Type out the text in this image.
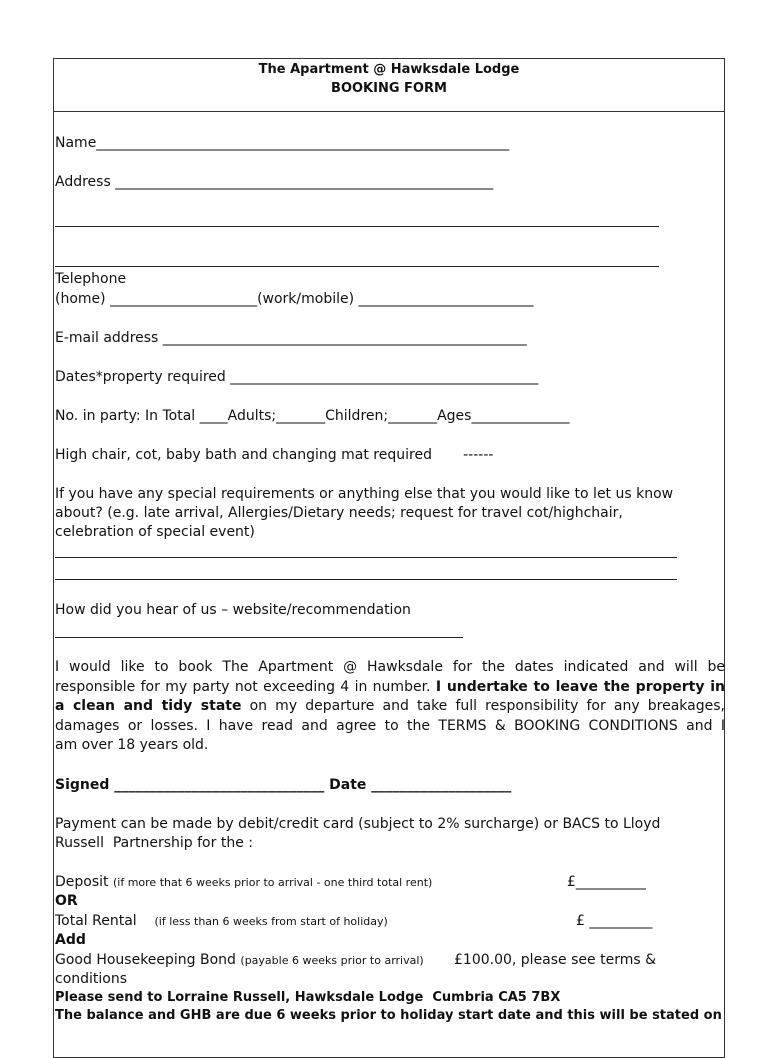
The Apartment @ Hawksdale Lodge
BOOKING FORM
Name___________________________________________________________
Address ______________________________________________________
Telephone
(home) _____________________(work/mobile) _________________________
E-mail address ____________________________________________________
Dates*property required ____________________________________________
No. in party: In Total ____Adults;_______Children;_______Ages______________
High chair, cot, baby bath and changing mat required       ------
If you have any special requirements or anything else that you would like to let us know
about? (e.g. late arrival, Allergies/Dietary needs; request for travel cot/highchair,
celebration of special event)
How did you hear of us – website/recommendation
I would like to book The Apartment @ Hawksdale for the dates indicated and will be
responsible for my party not exceeding 4 in number. I undertake to leave the property in
a clean and tidy state on my departure and take full responsibility for any breakages,
damages or losses. I have read and agree to the TERMS & BOOKING CONDITIONS and I
am over 18 years old.
Signed ______________________________ Date ____________________
Payment can be made by debit/credit card (subject to 2% surcharge) or BACS to Lloyd
Russell  Partnership for the :
Deposit (if more that 6 weeks prior to arrival - one third total rent)	£__________
OR
Total Rental (if less than 6 weeks from start of holiday)	£ _________
Add
Good Housekeeping Bond (payable 6 weeks prior to arrival) £100.00, please see terms &
conditions
Please send to Lorraine Russell, Hawksdale Lodge  Cumbria CA5 7BX
The balance and GHB are due 6 weeks prior to holiday start date and this will be stated on
